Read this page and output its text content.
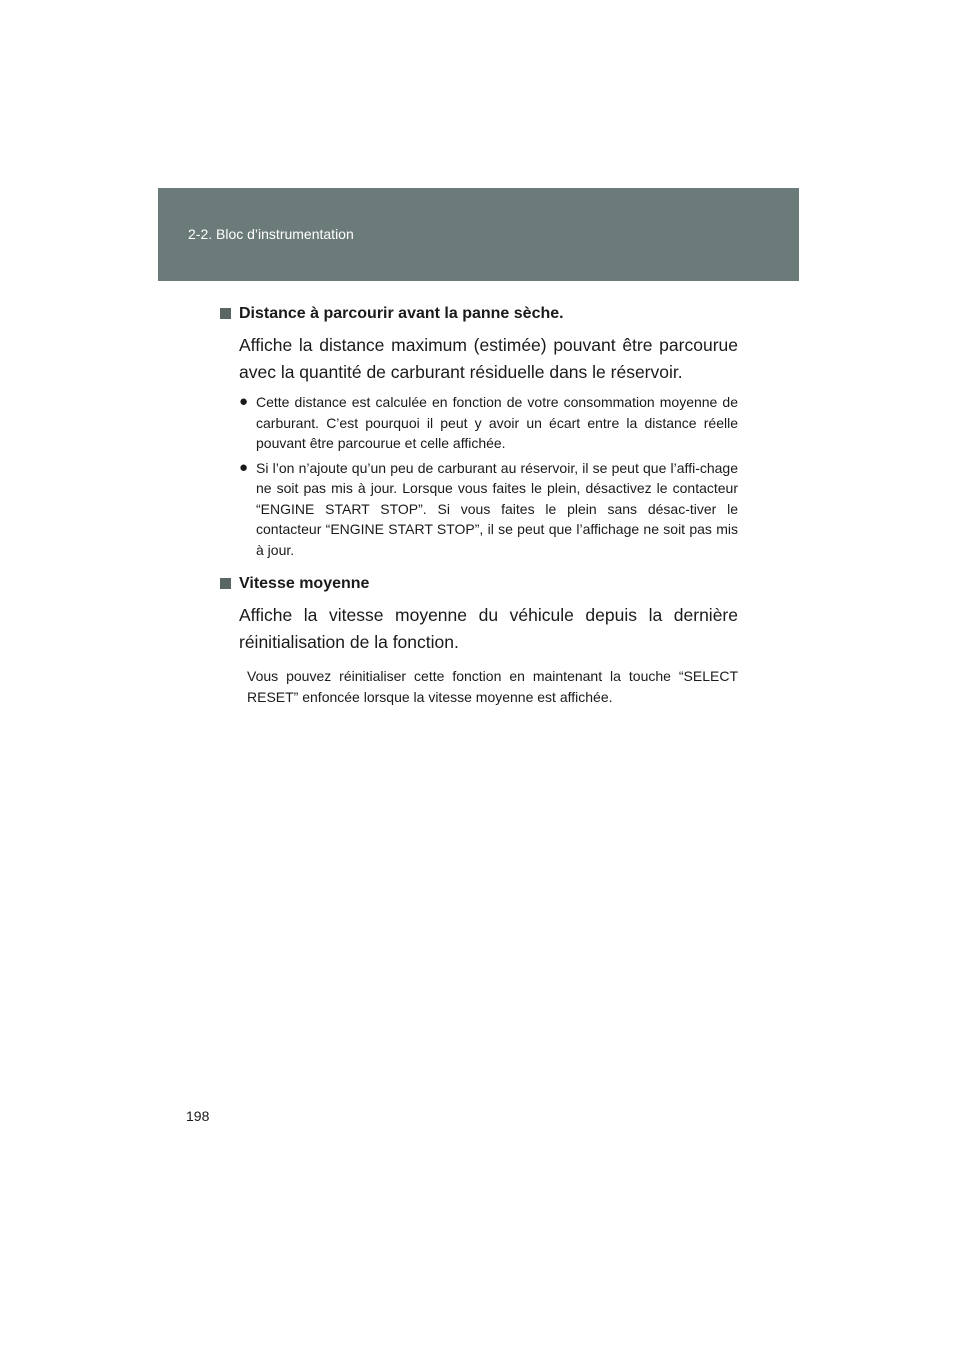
2-2. Bloc d’instrumentation
Distance à parcourir avant la panne sèche.
Affiche la distance maximum (estimée) pouvant être parcourue avec la quantité de carburant résiduelle dans le réservoir.
● Cette distance est calculée en fonction de votre consommation moyenne de carburant. C’est pourquoi il peut y avoir un écart entre la distance réelle pouvant être parcourue et celle affichée.
● Si l’on n’ajoute qu’un peu de carburant au réservoir, il se peut que l’affi-chage ne soit pas mis à jour. Lorsque vous faites le plein, désactivez le contacteur “ENGINE START STOP”. Si vous faites le plein sans désac-tiver le contacteur “ENGINE START STOP”, il se peut que l’affichage ne soit pas mis à jour.
Vitesse moyenne
Affiche la vitesse moyenne du véhicule depuis la dernière réinitialisation de la fonction.
Vous pouvez réinitialiser cette fonction en maintenant la touche “SELECT RESET” enfoncée lorsque la vitesse moyenne est affichée.
198
